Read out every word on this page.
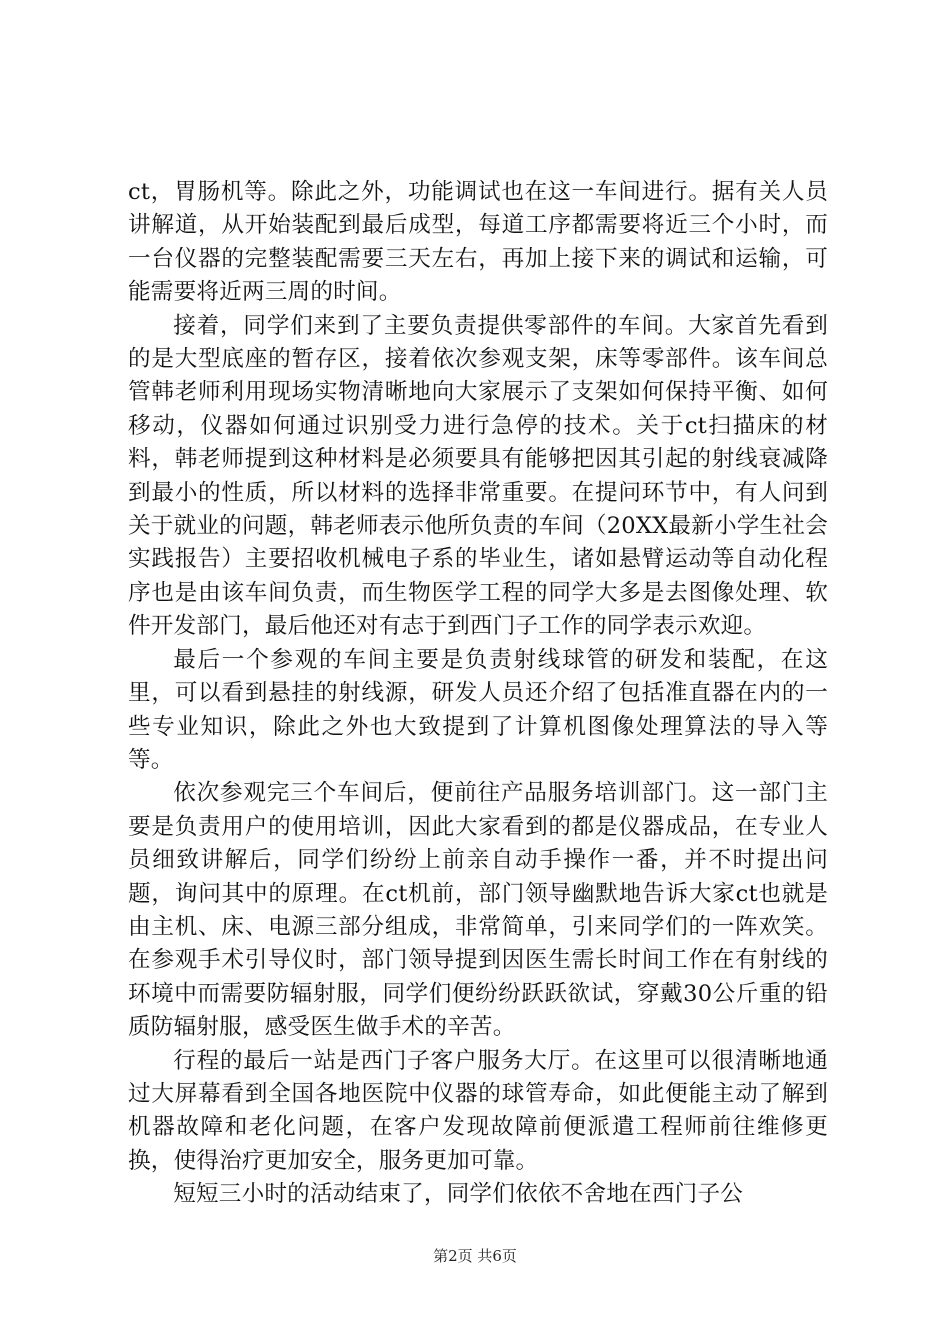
ct，胃肠机等。除此之外，功能调试也在这一车间进行。据有关人员讲解道，从开始装配到最后成型，每道工序都需要将近三个小时，而一台仪器的完整装配需要三天左右，再加上接下来的调试和运输，可能需要将近两三周的时间。

接着，同学们来到了主要负责提供零部件的车间。大家首先看到的是大型底座的暂存区，接着依次参观支架，床等零部件。该车间总管韩老师利用现场实物清晰地向大家展示了支架如何保持平衡、如何移动，仪器如何通过识别受力进行急停的技术。关于ct扫描床的材料，韩老师提到这种材料是必须要具有能够把因其引起的射线衰减降到最小的性质，所以材料的选择非常重要。在提问环节中，有人问到关于就业的问题，韩老师表示他所负责的车间（20XX最新小学生社会实践报告）主要招收机械电子系的毕业生，诸如悬臂运动等自动化程序也是由该车间负责，而生物医学工程的同学大多是去图像处理、软件开发部门，最后他还对有志于到西门子工作的同学表示欢迎。

最后一个参观的车间主要是负责射线球管的研发和装配，在这里，可以看到悬挂的射线源，研发人员还介绍了包括准直器在内的一些专业知识，除此之外也大致提到了计算机图像处理算法的导入等等。

依次参观完三个车间后，便前往产品服务培训部门。这一部门主要是负责用户的使用培训，因此大家看到的都是仪器成品，在专业人员细致讲解后，同学们纷纷上前亲自动手操作一番，并不时提出问题，询问其中的原理。在ct机前，部门领导幽默地告诉大家ct也就是由主机、床、电源三部分组成，非常简单，引来同学们的一阵欢笑。在参观手术引导仪时，部门领导提到因医生需长时间工作在有射线的环境中而需要防辐射服，同学们便纷纷跃跃欲试，穿戴30公斤重的铅质防辐射服，感受医生做手术的辛苦。

行程的最后一站是西门子客户服务大厅。在这里可以很清晰地通过大屏幕看到全国各地医院中仪器的球管寿命，如此便能主动了解到机器故障和老化问题，在客户发现故障前便派遣工程师前往维修更换，使得治疗更加安全，服务更加可靠。

短短三小时的活动结束了，同学们依依不舍地在西门子公

第2页 共6页
